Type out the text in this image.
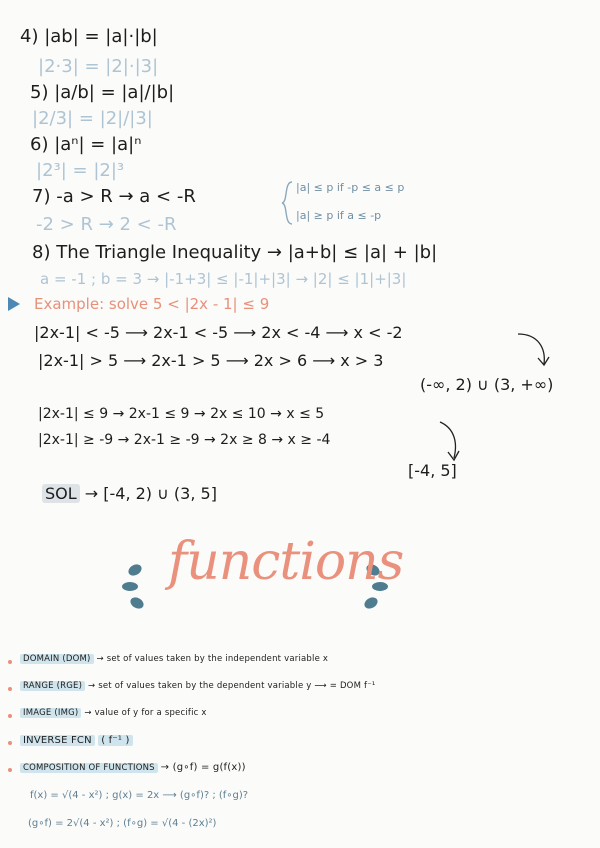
4) |ab| = |a|·|b|
|2·3| = |2|·|3|
5) |a/b| = |a|/|b|
|2/3| = |2|/|3|
6) |aⁿ| = |a|ⁿ
|2³| = |2|³
7) -a > R → a < -R
-2 > R → 2 < -R
|a| ≤ p if -p ≤ a ≤ p
|a| ≥ p if a ≤ -p
8) The Triangle Inequality → |a+b| ≤ |a| + |b|
a = -1 ; b = 3 → |-1+3| ≤ |-1|+|3| → |2| ≤ |1|+|3|
Example: solve 5 < |2x - 1| ≤ 9
|2x-1| < -5 ⟶ 2x-1 < -5 ⟶ 2x < -4 ⟶ x < -2
|2x-1| > 5 ⟶ 2x-1 > 5 ⟶ 2x > 6 ⟶ x > 3
(-∞, 2) ∪ (3, +∞)
|2x-1| ≤ 9 → 2x-1 ≤ 9 → 2x ≤ 10 → x ≤ 5
|2x-1| ≥ -9 → 2x-1 ≥ -9 → 2x ≥ 8 → x ≥ -4
[-4, 5]
SOL → [-4, 2) ∪ (3, 5]
functions
DOMAIN (DOM) → set of values taken by the independent variable x
RANGE (RGE) → set of values taken by the dependent variable y ⟶ = DOM f⁻¹
IMAGE (IMG) → value of y for a specific x
INVERSE FCN ( f⁻¹ )
COMPOSITION OF FUNCTIONS → (g∘f) = g(f(x))
f(x) = √(4 - x²) ; g(x) = 2x ⟶ (g∘f)? ; (f∘g)?
(g∘f) = 2√(4 - x²) ; (f∘g) = √(4 - (2x)²)
